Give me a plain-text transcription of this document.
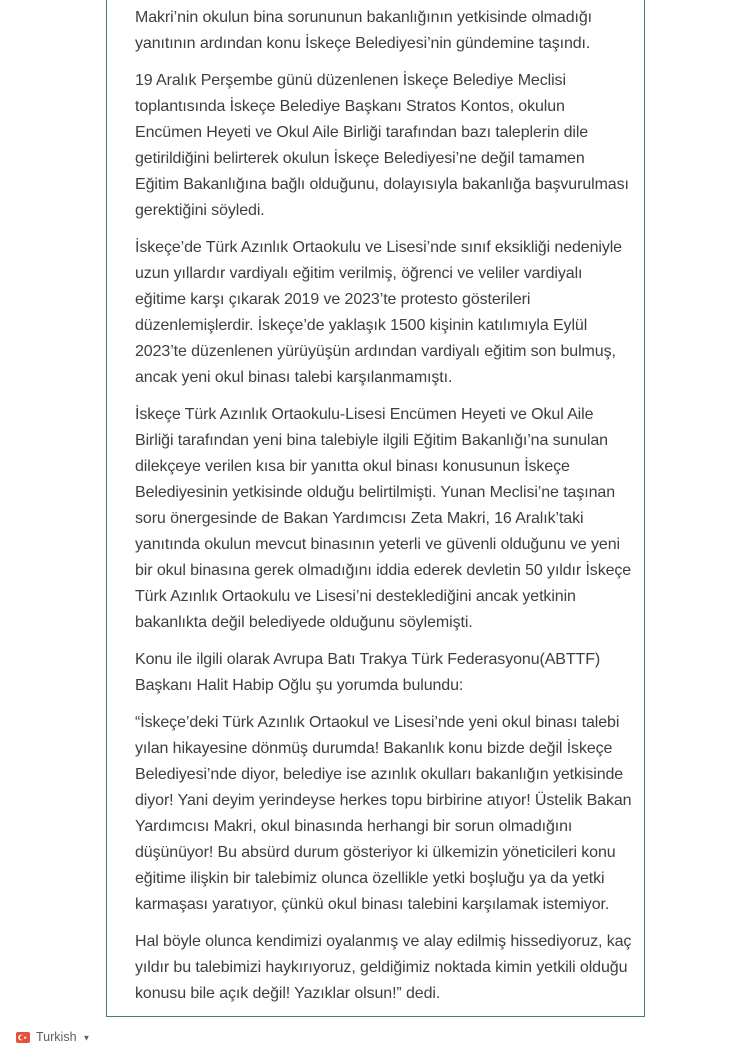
Makri’nin okulun bina sorununun bakanlığının yetkisinde olmadığı yanıtının ardından konu İskeçe Belediyesi’nin gündemine taşındı.

19 Aralık Perşembe günü düzenlenen İskeçe Belediye Meclisi toplantısında İskeçe Belediye Başkanı Stratos Kontos, okulun Encümen Heyeti ve Okul Aile Birliği tarafından bazı taleplerin dile getirildiğini belirterek okulun İskeçe Belediyesi’ne değil tamamen Eğitim Bakanlığına bağlı olduğunu, dolayısıyla bakanlığa başvurulması gerektiğini söyledi.

İskeçe’de Türk Azınlık Ortaokulu ve Lisesi’nde sınıf eksikliği nedeniyle uzun yıllardır vardiyalı eğitim verilmiş, öğrenci ve veliler vardiyalı eğitime karşı çıkarak 2019 ve 2023’te protesto gösterileri düzenlemişlerdir. İskeçe’de yaklaşık 1500 kişinin katılımıyla Eylül 2023’te düzenlenen yürüyüşün ardından vardiyalı eğitim son bulmuş, ancak yeni okul binası talebi karşılanmamıştı.

İskeçe Türk Azınlık Ortaokulu-Lisesi Encümen Heyeti ve Okul Aile Birliği tarafından yeni bina talebiyle ilgili Eğitim Bakanlığı’na sunulan dilekçeye verilen kısa bir yanıtta okul binası konusunun İskeçe Belediyesinin yetkisinde olduğu belirtilmişti. Yunan Meclisi’ne taşınan soru önergesinde de Bakan Yardımcısı Zeta Makri, 16 Aralık’taki yanıtında okulun mevcut binasının yeterli ve güvenli olduğunu ve yeni bir okul binasına gerek olmadığını iddia ederek devletin 50 yıldır İskeçe Türk Azınlık Ortaokulu ve Lisesi’ni desteklediğini ancak yetkinin bakanlıkta değil belediyede olduğunu söylemişti.

Konu ile ilgili olarak Avrupa Batı Trakya Türk Federasyonu(ABTTF) Başkanı Halit Habip Oğlu şu yorumda bulundu:

“İskeçe’deki Türk Azınlık Ortaokul ve Lisesi’nde yeni okul binası talebi yılan hikayesine dönmüş durumda! Bakanlık konu bizde değil İskeçe Belediyesi’nde diyor, belediye ise azınlık okulları bakanlığın yetkisinde diyor! Yani deyim yerindeyse herkes topu birbirine atıyor! Üstelik Bakan Yardımcısı Makri, okul binasında herhangi bir sorun olmadığını düşünüyor! Bu absürd durum gösteriyor ki ülkemizin yöneticileri konu eğitime ilişkin bir talebimiz olunca özellikle yetki boşluğu ya da yetki karmaşası yaratıyor, çünkü okul binası talebini karşılamak istemiyor.

Hal böyle olunca kendimizi oyalanmış ve alay edilmiş hissediyoruz, kaç yıldır bu talebimizi haykırıyoruz, geldiğimiz noktada kimin yetkili olduğu konusu bile açık değil! Yazıklar olsun!” dedi.

Turkish ▼
